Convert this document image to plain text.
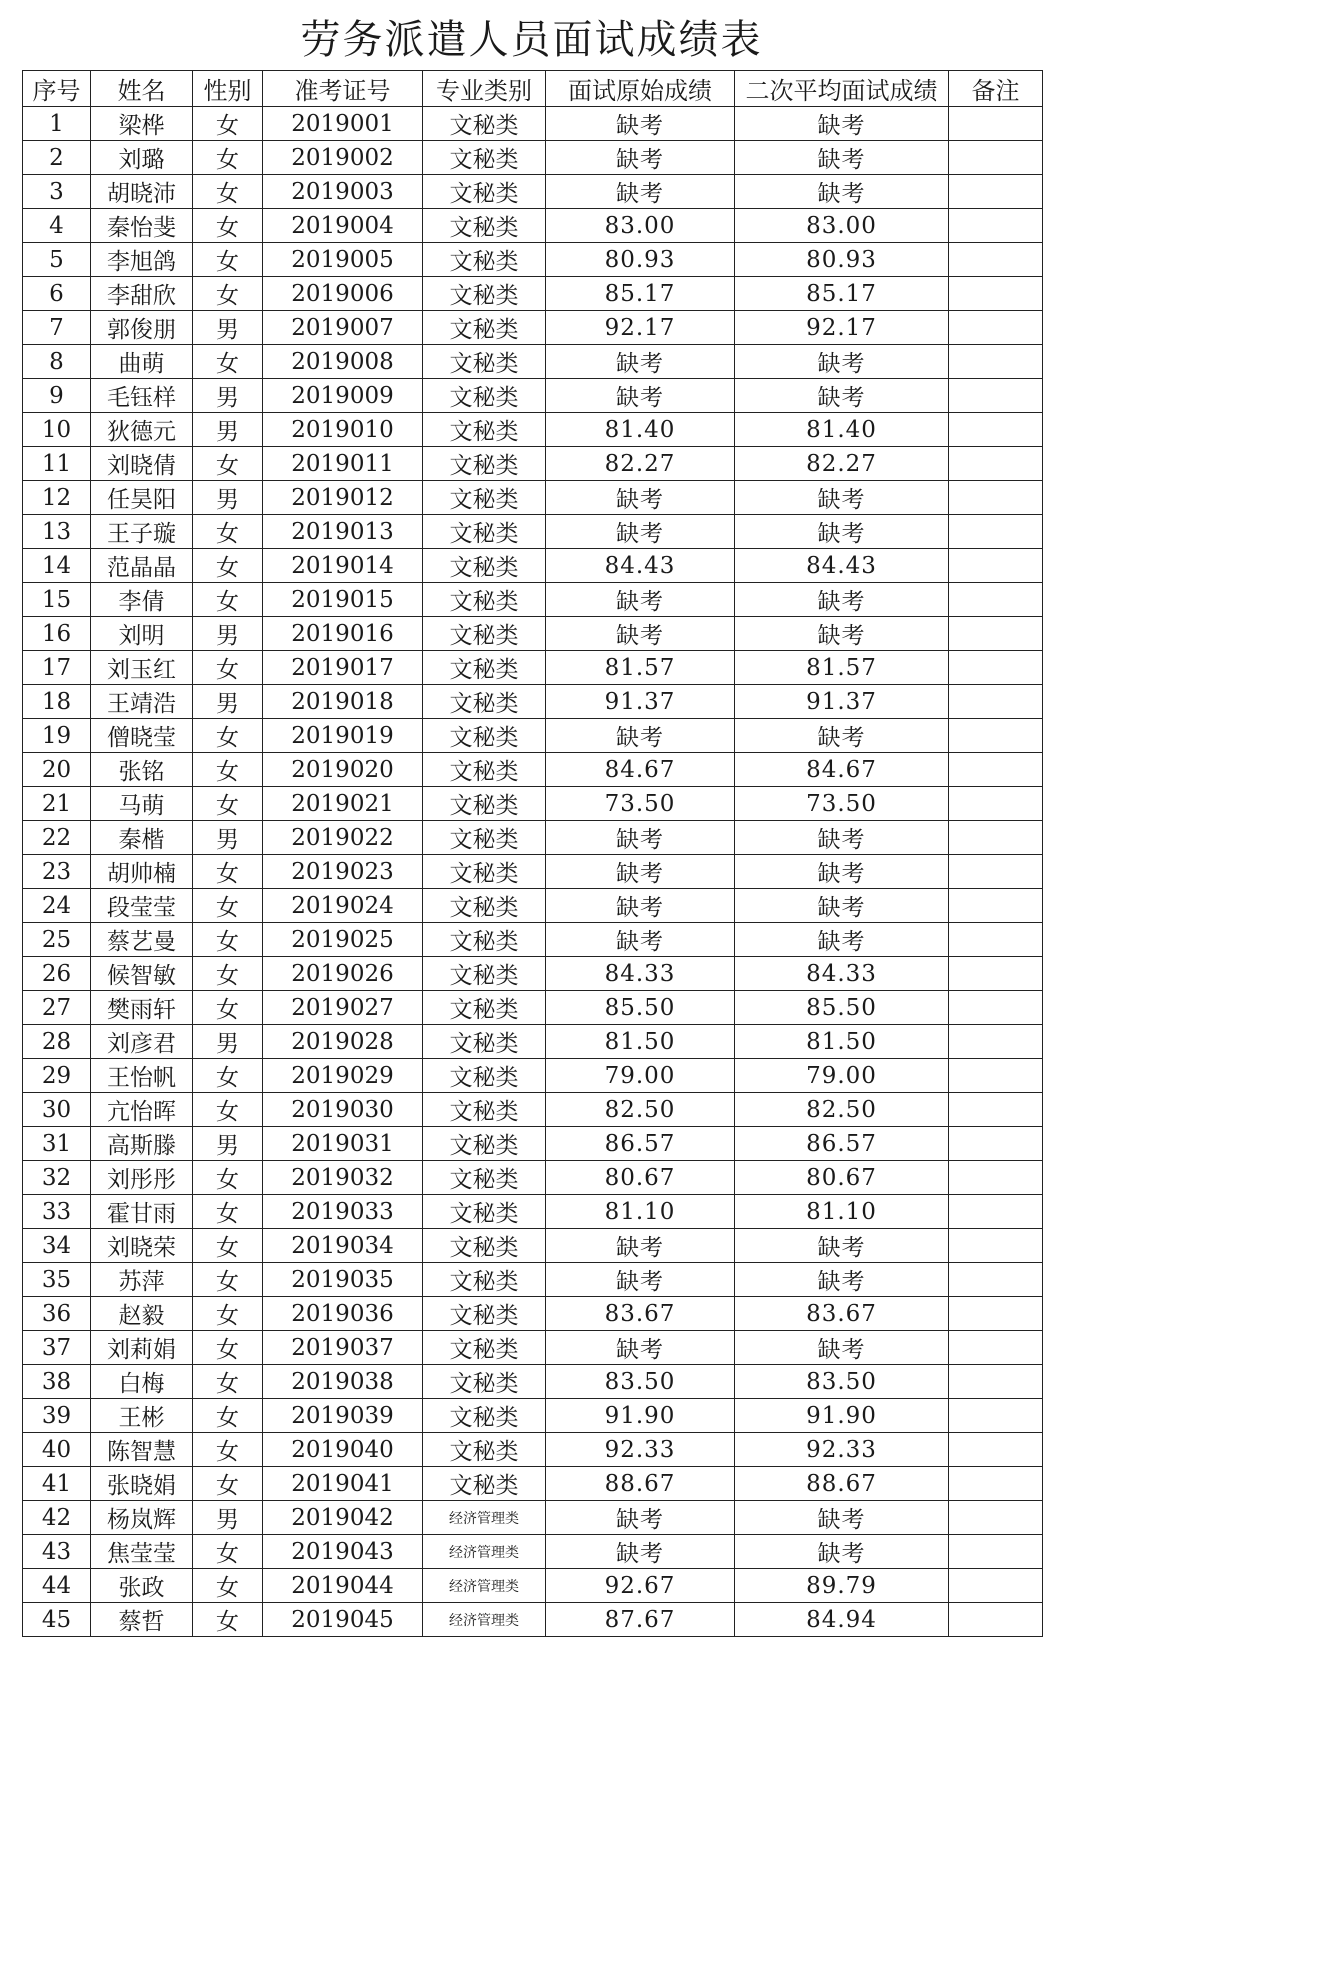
劳务派遣人员面试成绩表
序号	姓名	性别	准考证号	专业类别	面试原始成绩	二次平均面试成绩	备注
1	梁桦	女	2019001	文秘类	缺考	缺考	
2	刘璐	女	2019002	文秘类	缺考	缺考	
3	胡晓沛	女	2019003	文秘类	缺考	缺考	
4	秦怡斐	女	2019004	文秘类	83.00	83.00	
5	李旭鸽	女	2019005	文秘类	80.93	80.93	
6	李甜欣	女	2019006	文秘类	85.17	85.17	
7	郭俊朋	男	2019007	文秘类	92.17	92.17	
8	曲萌	女	2019008	文秘类	缺考	缺考	
9	毛钰样	男	2019009	文秘类	缺考	缺考	
10	狄德元	男	2019010	文秘类	81.40	81.40	
11	刘晓倩	女	2019011	文秘类	82.27	82.27	
12	任昊阳	男	2019012	文秘类	缺考	缺考	
13	王子璇	女	2019013	文秘类	缺考	缺考	
14	范晶晶	女	2019014	文秘类	84.43	84.43	
15	李倩	女	2019015	文秘类	缺考	缺考	
16	刘明	男	2019016	文秘类	缺考	缺考	
17	刘玉红	女	2019017	文秘类	81.57	81.57	
18	王靖浩	男	2019018	文秘类	91.37	91.37	
19	僧晓莹	女	2019019	文秘类	缺考	缺考	
20	张铭	女	2019020	文秘类	84.67	84.67	
21	马萌	女	2019021	文秘类	73.50	73.50	
22	秦楷	男	2019022	文秘类	缺考	缺考	
23	胡帅楠	女	2019023	文秘类	缺考	缺考	
24	段莹莹	女	2019024	文秘类	缺考	缺考	
25	蔡艺曼	女	2019025	文秘类	缺考	缺考	
26	候智敏	女	2019026	文秘类	84.33	84.33	
27	樊雨轩	女	2019027	文秘类	85.50	85.50	
28	刘彦君	男	2019028	文秘类	81.50	81.50	
29	王怡帆	女	2019029	文秘类	79.00	79.00	
30	亢怡晖	女	2019030	文秘类	82.50	82.50	
31	高斯滕	男	2019031	文秘类	86.57	86.57	
32	刘彤彤	女	2019032	文秘类	80.67	80.67	
33	霍甘雨	女	2019033	文秘类	81.10	81.10	
34	刘晓荣	女	2019034	文秘类	缺考	缺考	
35	苏萍	女	2019035	文秘类	缺考	缺考	
36	赵毅	女	2019036	文秘类	83.67	83.67	
37	刘莉娟	女	2019037	文秘类	缺考	缺考	
38	白梅	女	2019038	文秘类	83.50	83.50	
39	王彬	女	2019039	文秘类	91.90	91.90	
40	陈智慧	女	2019040	文秘类	92.33	92.33	
41	张晓娟	女	2019041	文秘类	88.67	88.67	
42	杨岚辉	男	2019042	经济管理类	缺考	缺考	
43	焦莹莹	女	2019043	经济管理类	缺考	缺考	
44	张政	女	2019044	经济管理类	92.67	89.79	
45	蔡哲	女	2019045	经济管理类	87.67	84.94	
